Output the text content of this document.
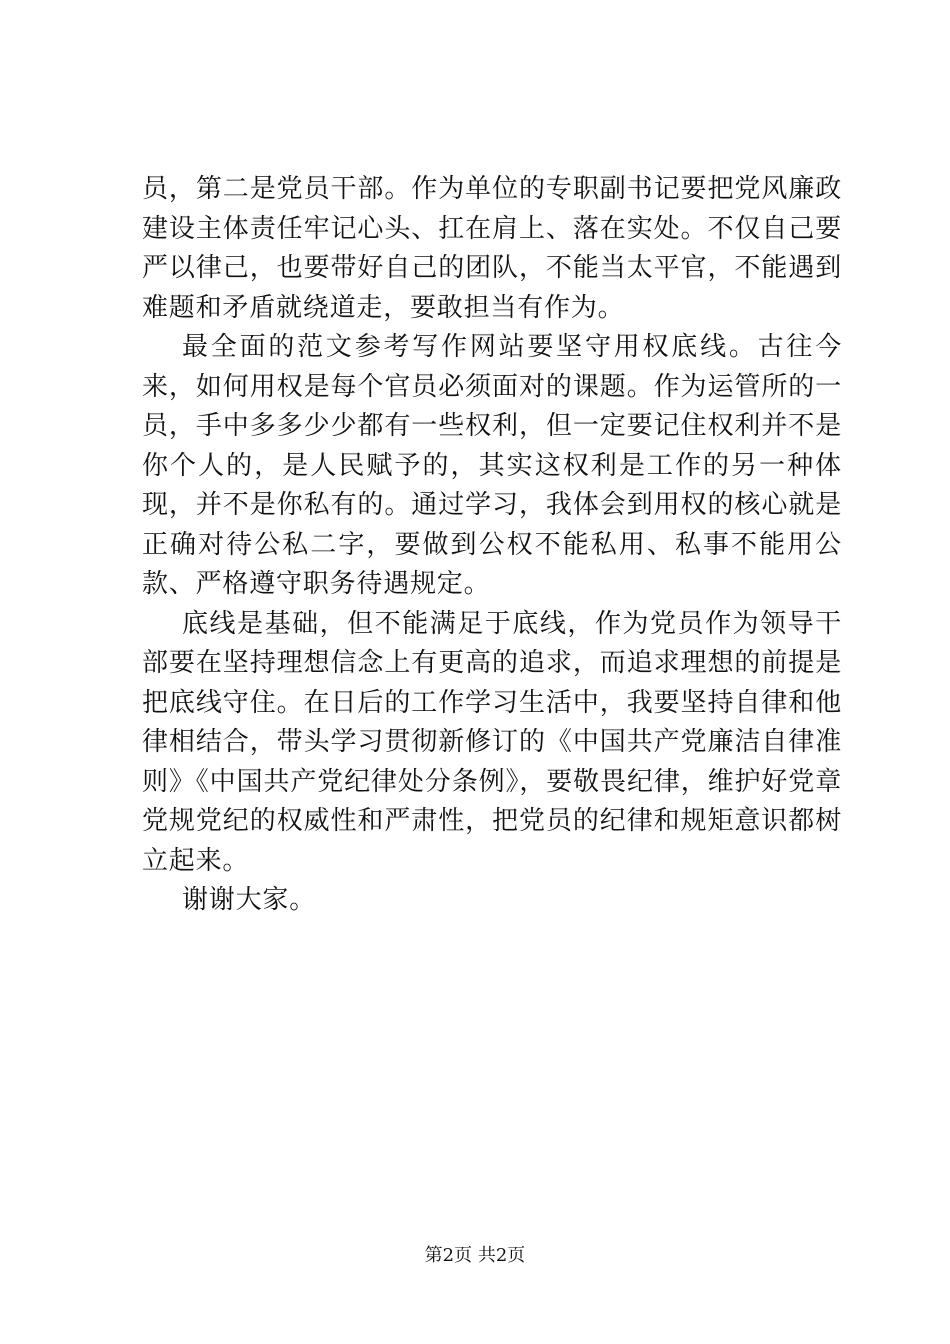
员，第二是党员干部。作为单位的专职副书记要把党风廉政建设主体责任牢记心头、扛在肩上、落在实处。不仅自己要严以律己，也要带好自己的团队，不能当太平官，不能遇到难题和矛盾就绕道走，要敢担当有作为。

最全面的范文参考写作网站要坚守用权底线。古往今来，如何用权是每个官员必须面对的课题。作为运管所的一员，手中多多少少都有一些权利，但一定要记住权利并不是你个人的，是人民赋予的，其实这权利是工作的另一种体现，并不是你私有的。通过学习，我体会到用权的核心就是正确对待公私二字，要做到公权不能私用、私事不能用公款、严格遵守职务待遇规定。

底线是基础，但不能满足于底线，作为党员作为领导干部要在坚持理想信念上有更高的追求，而追求理想的前提是把底线守住。在日后的工作学习生活中，我要坚持自律和他律相结合，带头学习贯彻新修订的《中国共产党廉洁自律准则》《中国共产党纪律处分条例》，要敬畏纪律，维护好党章党规党纪的权威性和严肃性，把党员的纪律和规矩意识都树立起来。

谢谢大家。

第2页 共2页
